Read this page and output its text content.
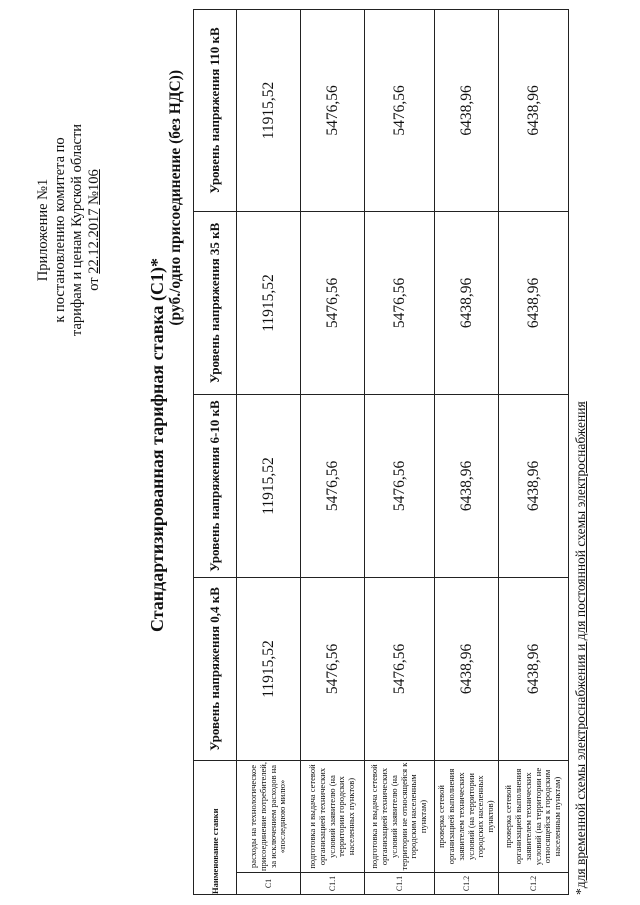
Приложение №1 к постановлению комитета по тарифам и ценам Курской области от 22.12.2017 №106
Стандартизированная тарифная ставка (С1)*
(руб./одно присоединение (без НДС))
Наименование ставки		Уровень напряжения 0,4 кВ	Уровень напряжения 6-10 кВ	Уровень напряжения 35 кВ	Уровень напряжения 110 кВ
С1	расходы на технологическое присоединение потребителей, за исключением расходов на «последнюю милю»	11915,52	11915,52	11915,52	11915,52
С1.1	подготовка и выдача сетевой организацией технических условий заявителю (на территории городских населенных пунктов)	5476,56	5476,56	5476,56	5476,56
С1.1	подготовка и выдача сетевой организацией технических условий заявителю (на территории не относящейся к городским населенным пунктам)	5476,56	5476,56	5476,56	5476,56
С1.2	проверка сетевой организацией выполнения заявителем технических условий (на территории городских населенных пунктов)	6438,96	6438,96	6438,96	6438,96
С1.2	проверка сетевой организацией выполнения заявителем технических условий (на территории не относящейся к городским населенным пунктам)	6438,96	6438,96	6438,96	6438,96
*для временной схемы электроснабжения и для постоянной схемы электроснабжения
